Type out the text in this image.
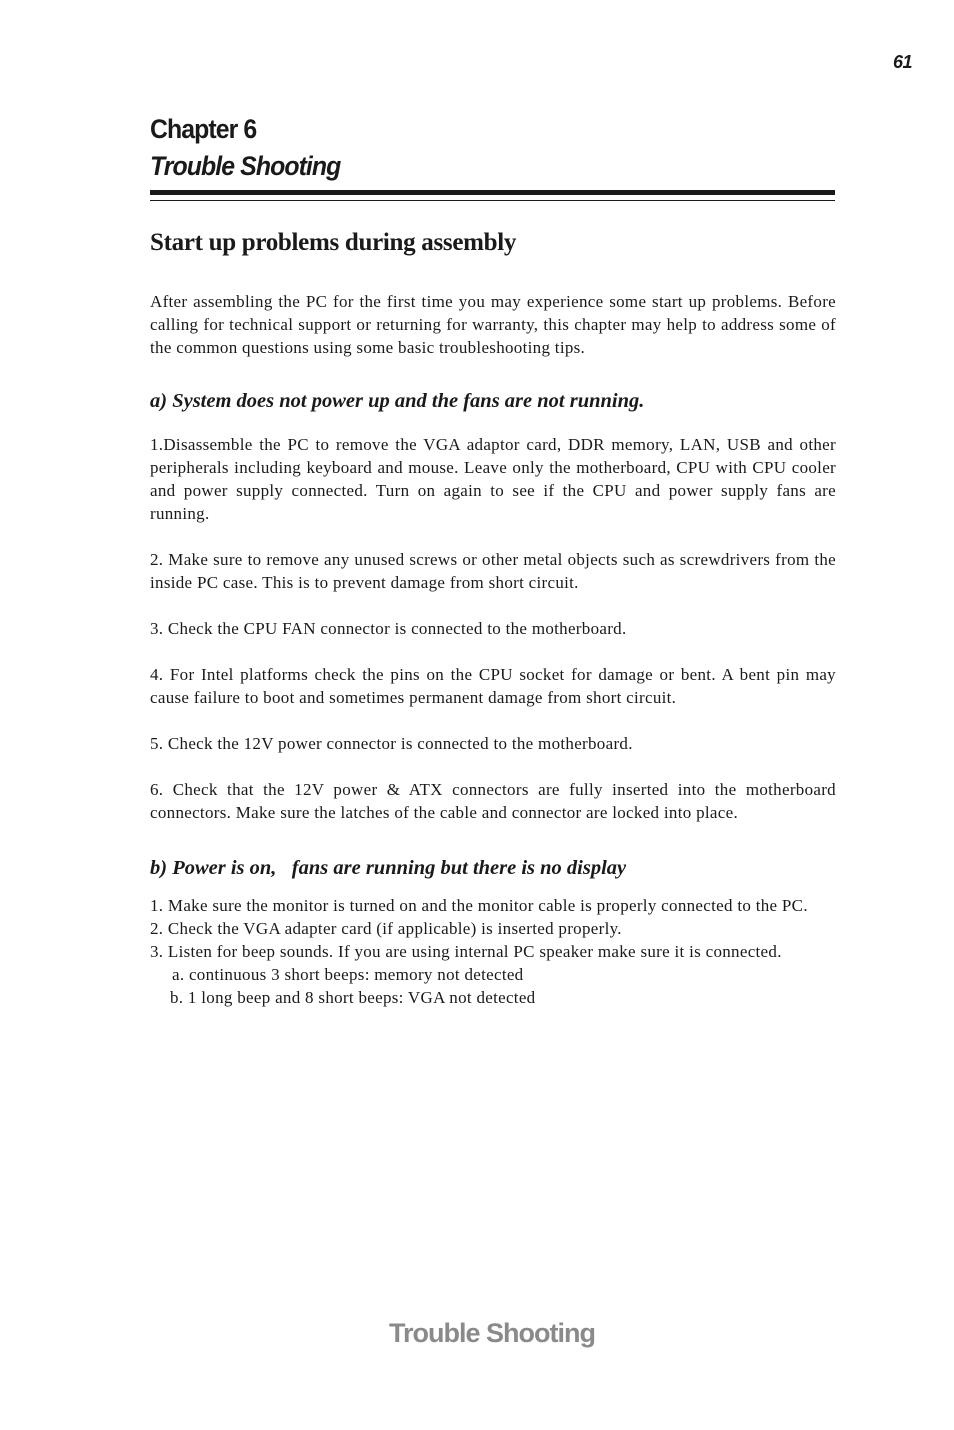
61
Chapter 6
Trouble Shooting
Start up problems during assembly

After assembling the PC for the first time you may experience some start up problems. Before calling for technical support or returning for warranty, this chapter may help to address some of the common questions using some basic troubleshooting tips.

a) System does not power up and the fans are not running.

1.Disassemble the PC to remove the VGA adaptor card, DDR memory, LAN, USB and other peripherals including keyboard and mouse. Leave only the motherboard, CPU with CPU cooler and power supply connected. Turn on again to see if the CPU and power supply fans are running.

2. Make sure to remove any unused screws or other metal objects such as screwdrivers from the inside PC case. This is to prevent damage from short circuit.

3. Check the CPU FAN connector is connected to the motherboard.

4. For Intel platforms check the pins on the CPU socket for damage or bent. A bent pin may cause failure to boot and sometimes permanent damage from short circuit.

5. Check the 12V power connector is connected to the motherboard.

6. Check that the 12V power & ATX connectors are fully inserted into the motherboard connectors. Make sure the latches of the cable and connector are locked into place.

b) Power is on,   fans are running but there is no display

1. Make sure the monitor is turned on and the monitor cable is properly connected to the PC.

2. Check the VGA adapter card (if applicable) is inserted properly.

3. Listen for beep sounds. If you are using internal PC speaker make sure it is connected.

a. continuous 3 short beeps: memory not detected

b. 1 long beep and 8 short beeps: VGA not detected

Trouble Shooting
